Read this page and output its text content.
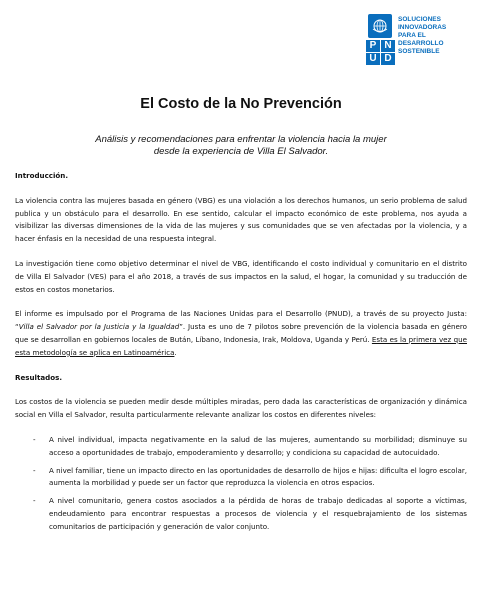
P N
U D
SOLUCIONES
INNOVADORAS
PARA EL
DESARROLLO
SOSTENIBLE
El Costo de la No Prevención
Análisis y recomendaciones para enfrentar la violencia hacia la mujer
desde la experiencia de Villa El Salvador.

Introducción.

La violencia contra las mujeres basada en género (VBG) es una violación a los derechos humanos, un serio problema de salud publica y un obstáculo para el desarrollo. En ese sentido, calcular el impacto económico de este problema, nos ayuda a visibilizar las diversas dimensiones de la vida de las mujeres y sus comunidades que se ven afectadas por la violencia, y a hacer énfasis en la necesidad de una respuesta integral.

La investigación tiene como objetivo determinar el nivel de VBG, identificando el costo individual y comunitario en el distrito de Villa El Salvador (VES) para el año 2018, a través de sus impactos en la salud, el hogar, la comunidad y su traducción de estos en costos monetarios.

El informe es impulsado por el Programa de las Naciones Unidas para el Desarrollo (PNUD), a través de su proyecto Justa: “Villa el Salvador por la Justicia y la Igualdad”. Justa es uno de 7 pilotos sobre prevención de la violencia basada en género que se desarrollan en gobiernos locales de Bután, Líbano, Indonesia, Irak, Moldova, Uganda y Perú. Esta es la primera vez que esta metodología se aplica en Latinoamérica.

Resultados.

Los costos de la violencia se pueden medir desde múltiples miradas, pero dada las características de organización y dinámica social en Villa el Salvador, resulta particularmente relevante analizar los costos en diferentes niveles:

- A nivel individual, impacta negativamente en la salud de las mujeres, aumentando su morbilidad; disminuye su acceso a oportunidades de trabajo, empoderamiento y desarrollo; y condiciona su capacidad de autocuidado.
- A nivel familiar, tiene un impacto directo en las oportunidades de desarrollo de hijos e hijas: dificulta el logro escolar, aumenta la morbilidad y puede ser un factor que reproduzca la violencia en otros espacios.
- A nivel comunitario, genera costos asociados a la pérdida de horas de trabajo dedicadas al soporte a víctimas, endeudamiento para encontrar respuestas a procesos de violencia y el resquebrajamiento de los sistemas comunitarios de participación y generación de valor conjunto.
